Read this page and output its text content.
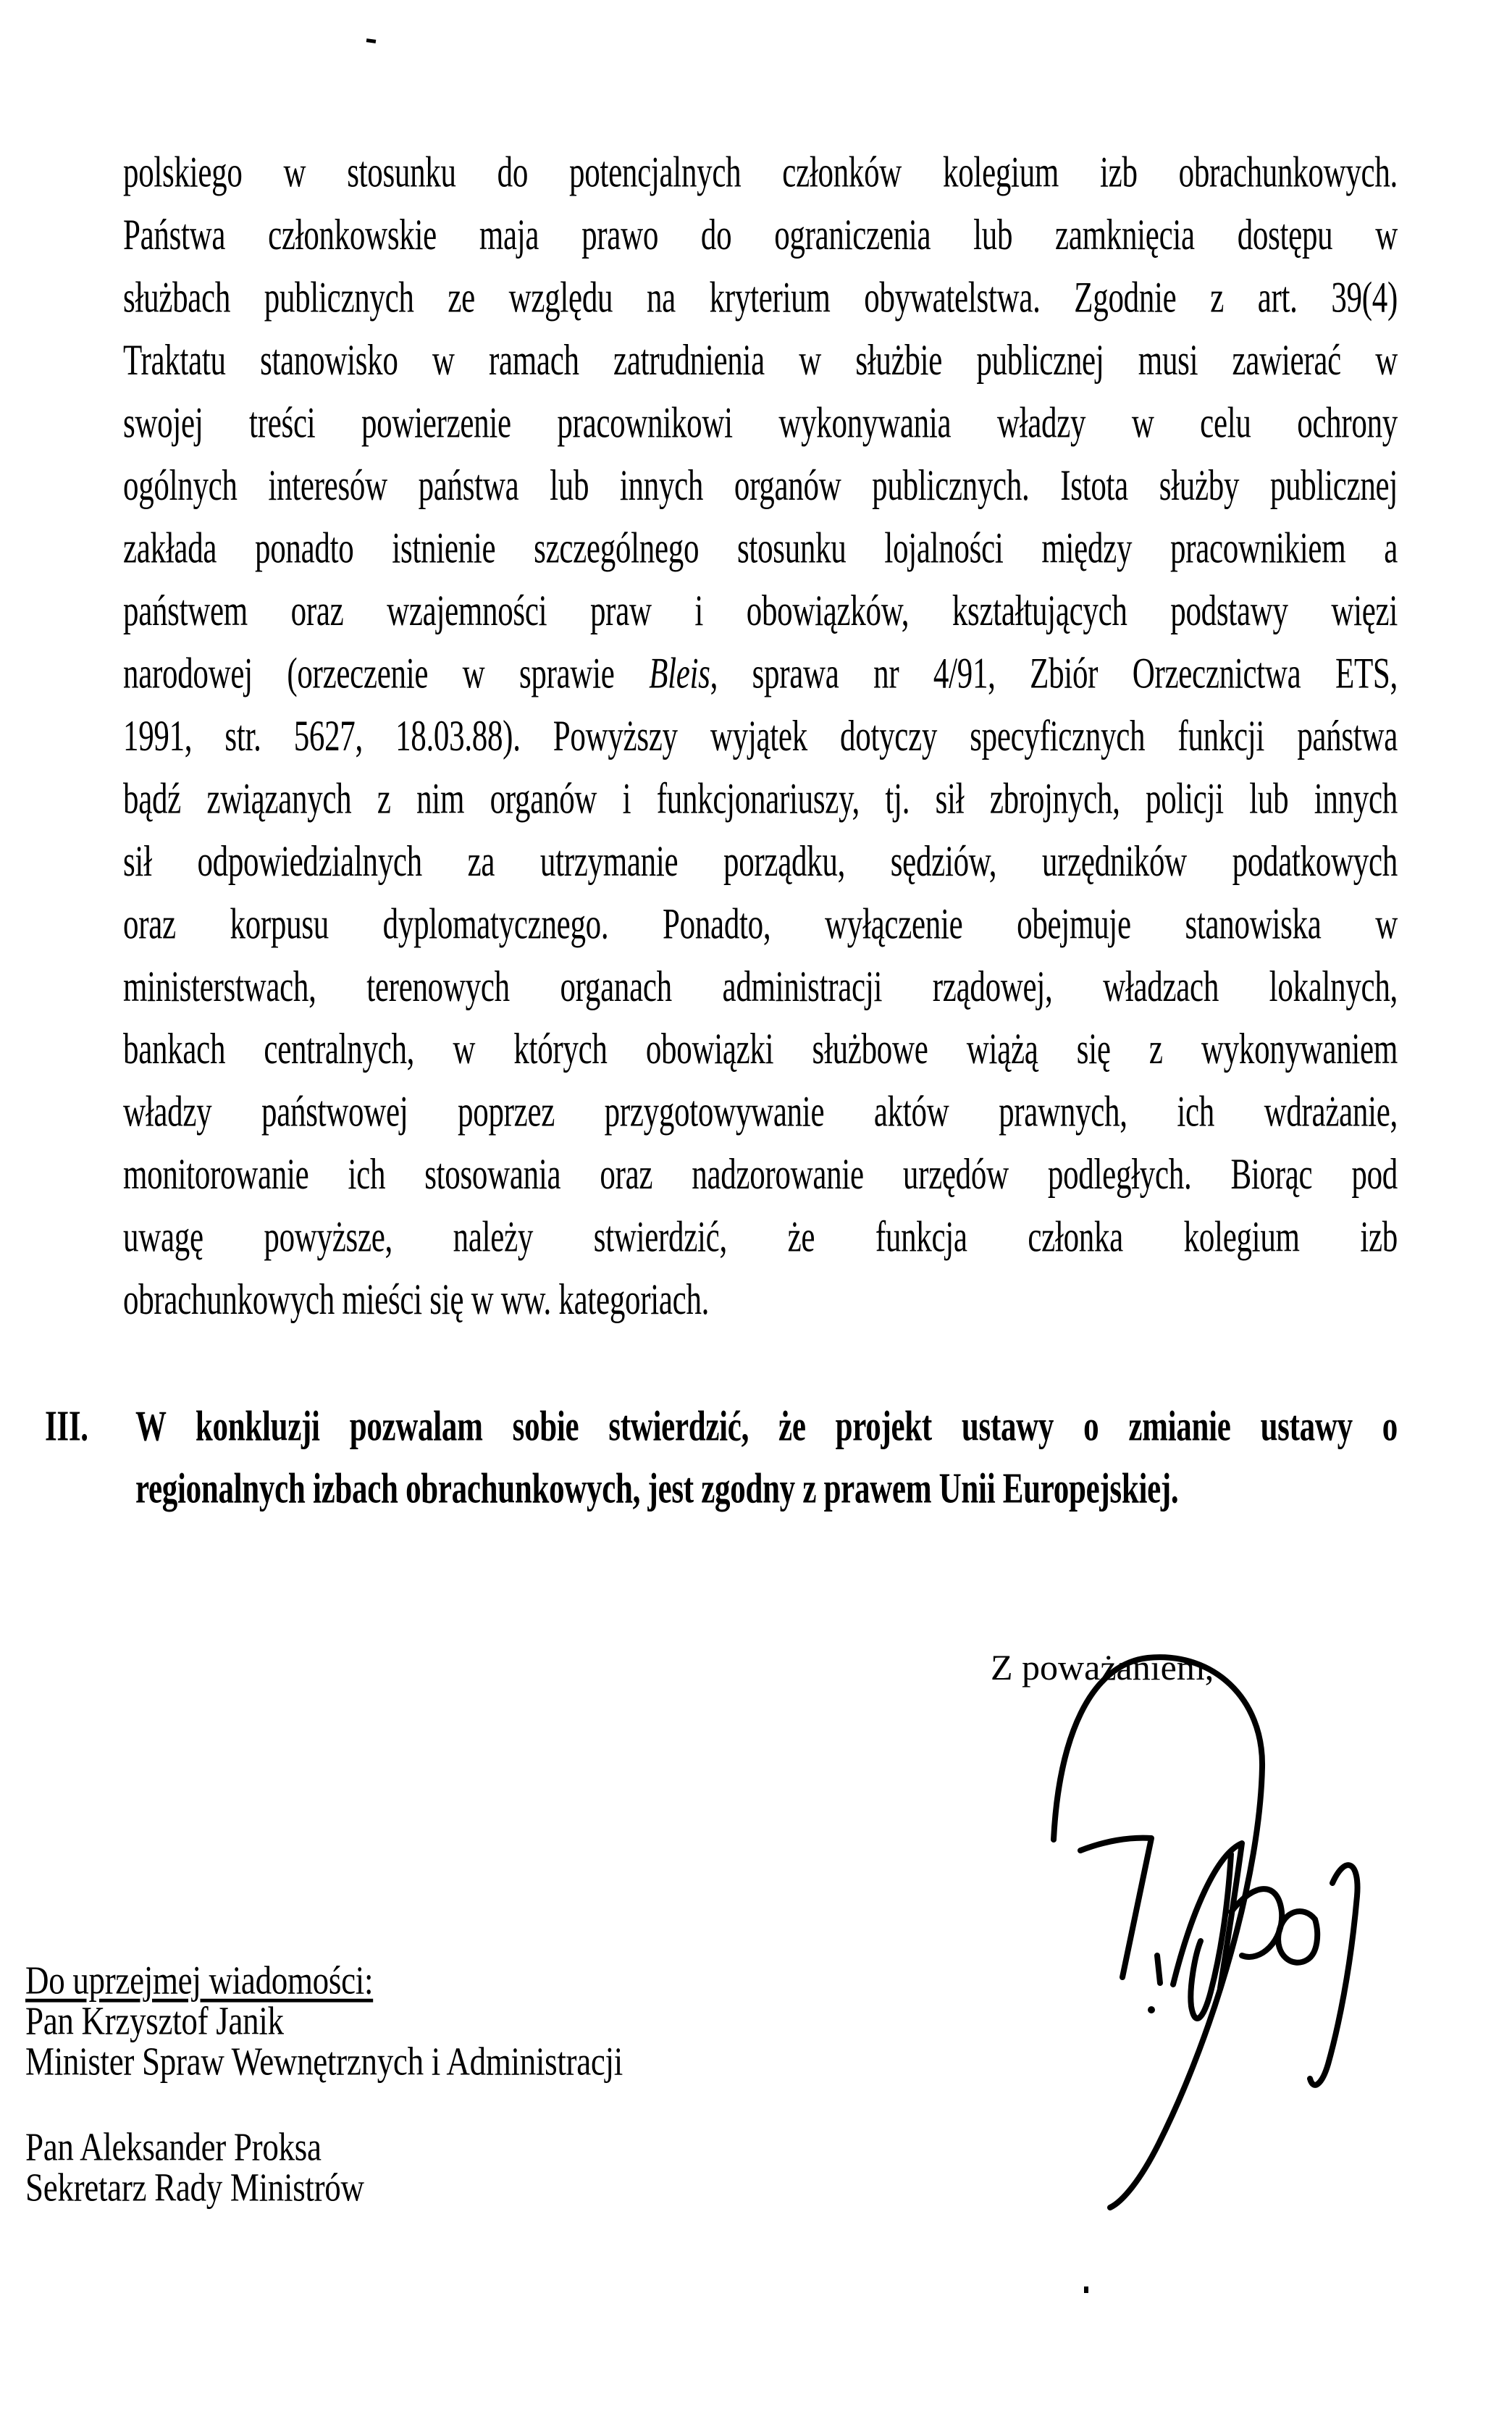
polskiego w stosunku do potencjalnych członków kolegium izb obrachunkowych.
Państwa członkowskie maja prawo do ograniczenia lub zamknięcia dostępu w
służbach publicznych ze względu na kryterium obywatelstwa. Zgodnie z art. 39(4)
Traktatu stanowisko w ramach zatrudnienia w służbie publicznej musi zawierać w
swojej treści powierzenie pracownikowi wykonywania władzy w celu ochrony
ogólnych interesów państwa lub innych organów publicznych. Istota służby publicznej
zakłada ponadto istnienie szczególnego stosunku lojalności między pracownikiem a
państwem oraz wzajemności praw i obowiązków, kształtujących podstawy więzi
narodowej (orzeczenie w sprawie Bleis, sprawa nr 4/91, Zbiór Orzecznictwa ETS,
1991, str. 5627, 18.03.88). Powyższy wyjątek dotyczy specyficznych funkcji państwa
bądź związanych z nim organów i funkcjonariuszy, tj. sił zbrojnych, policji lub innych
sił odpowiedzialnych za utrzymanie porządku, sędziów, urzędników podatkowych
oraz korpusu dyplomatycznego. Ponadto, wyłączenie obejmuje stanowiska w
ministerstwach, terenowych organach administracji rządowej, władzach lokalnych,
bankach centralnych, w których obowiązki służbowe wiążą się z wykonywaniem
władzy państwowej poprzez przygotowywanie aktów prawnych, ich wdrażanie,
monitorowanie ich stosowania oraz nadzorowanie urzędów podległych. Biorąc pod
uwagę powyższe, należy stwierdzić, że funkcja członka kolegium izb
obrachunkowych mieści się w ww. kategoriach.
III.	W konkluzji pozwalam sobie stwierdzić, że projekt ustawy o zmianie ustawy o
regionalnych izbach obrachunkowych, jest zgodny z prawem Unii Europejskiej.
Z poważaniem,
Do uprzejmej wiadomości:
Pan Krzysztof Janik
Minister Spraw Wewnętrznych i Administracji
Pan Aleksander Proksa
Sekretarz Rady Ministrów
